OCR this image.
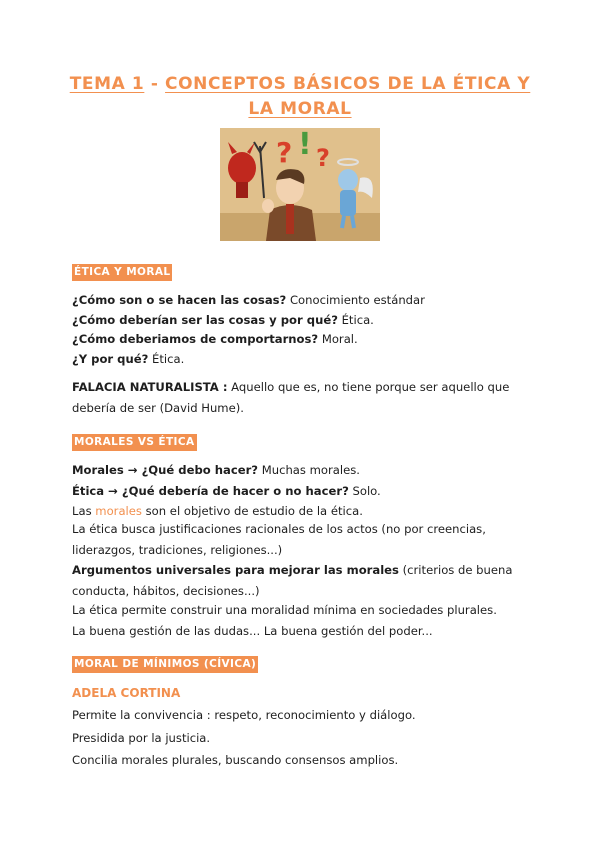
TEMA 1 - CONCEPTOS BÁSICOS DE LA ÉTICA Y
LA MORAL
? ! ?
ÉTICA Y MORAL
¿Cómo son o se hacen las cosas? Conocimiento estándar
¿Cómo deberían ser las cosas y por qué? Ética.
¿Cómo deberiamos de comportarnos? Moral.
¿Y por qué? Ética.
FALACIA NATURALISTA : Aquello que es, no tiene porque ser aquello que debería de ser (David Hume).
MORALES VS ÉTICA
Morales → ¿Qué debo hacer? Muchas morales.
Ética → ¿Qué debería de hacer o no hacer? Solo.
Las morales son el objetivo de estudio de la ética.
La ética busca justificaciones racionales de los actos (no por creencias, liderazgos, tradiciones, religiones...)
Argumentos universales para mejorar las morales (criterios de buena conducta, hábitos, decisiones...)
La ética permite construir una moralidad mínima en sociedades plurales.
La buena gestión de las dudas... La buena gestión del poder...
MORAL DE MÍNIMOS (CÍVICA)
ADELA CORTINA
Permite la convivencia : respeto, reconocimiento y diálogo.
Presidida por la justicia.
Concilia morales plurales, buscando consensos amplios.
